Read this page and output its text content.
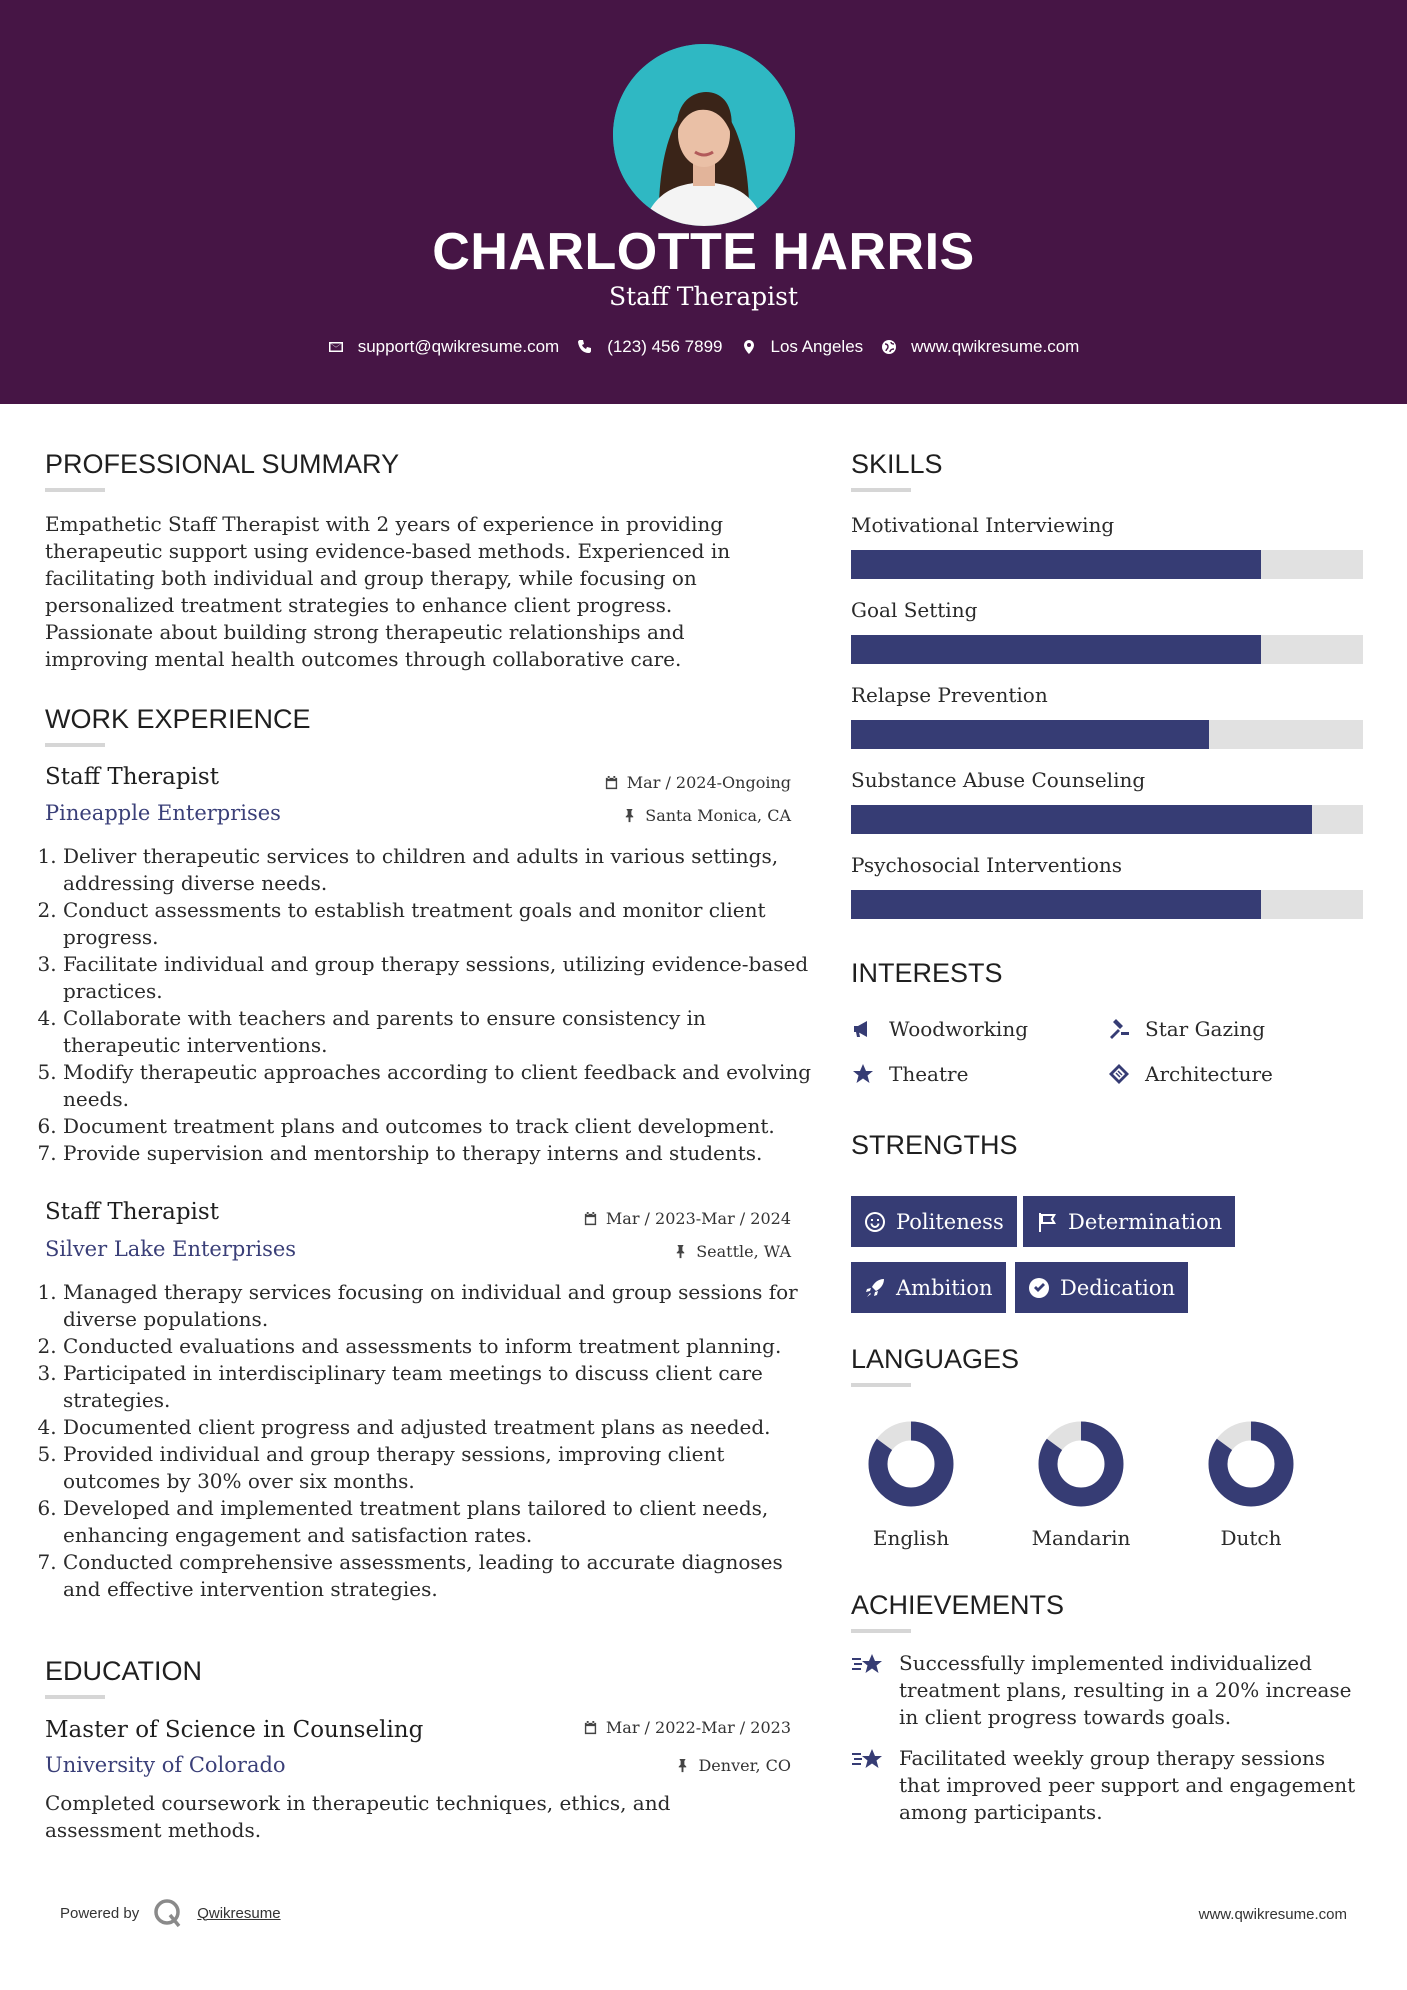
CHARLOTTE HARRIS
Staff Therapist
support@qwikresume.com	(123) 456 7899	Los Angeles	www.qwikresume.com
PROFESSIONAL SUMMARY
Empathetic Staff Therapist with 2 years of experience in providing therapeutic support using evidence-based methods. Experienced in facilitating both individual and group therapy, while focusing on personalized treatment strategies to enhance client progress. Passionate about building strong therapeutic relationships and improving mental health outcomes through collaborative care.
WORK EXPERIENCE
Staff Therapist	Mar / 2024-Ongoing
Pineapple Enterprises	Santa Monica, CA
1. Deliver therapeutic services to children and adults in various settings, addressing diverse needs.
2. Conduct assessments to establish treatment goals and monitor client progress.
3. Facilitate individual and group therapy sessions, utilizing evidence-based practices.
4. Collaborate with teachers and parents to ensure consistency in therapeutic interventions.
5. Modify therapeutic approaches according to client feedback and evolving needs.
6. Document treatment plans and outcomes to track client development.
7. Provide supervision and mentorship to therapy interns and students.
Staff Therapist	Mar / 2023-Mar / 2024
Silver Lake Enterprises	Seattle, WA
1. Managed therapy services focusing on individual and group sessions for diverse populations.
2. Conducted evaluations and assessments to inform treatment planning.
3. Participated in interdisciplinary team meetings to discuss client care strategies.
4. Documented client progress and adjusted treatment plans as needed.
5. Provided individual and group therapy sessions, improving client outcomes by 30% over six months.
6. Developed and implemented treatment plans tailored to client needs, enhancing engagement and satisfaction rates.
7. Conducted comprehensive assessments, leading to accurate diagnoses and effective intervention strategies.
EDUCATION
Master of Science in Counseling	Mar / 2022-Mar / 2023
University of Colorado	Denver, CO
Completed coursework in therapeutic techniques, ethics, and assessment methods.
SKILLS
Motivational Interviewing
Goal Setting
Relapse Prevention
Substance Abuse Counseling
Psychosocial Interventions
INTERESTS
Woodworking	Star Gazing
Theatre	Architecture
STRENGTHS
Politeness	Determination
Ambition	Dedication
LANGUAGES
English	Mandarin	Dutch
ACHIEVEMENTS
Successfully implemented individualized treatment plans, resulting in a 20% increase in client progress towards goals.
Facilitated weekly group therapy sessions that improved peer support and engagement among participants.
Powered by	Qwikresume	www.qwikresume.com
